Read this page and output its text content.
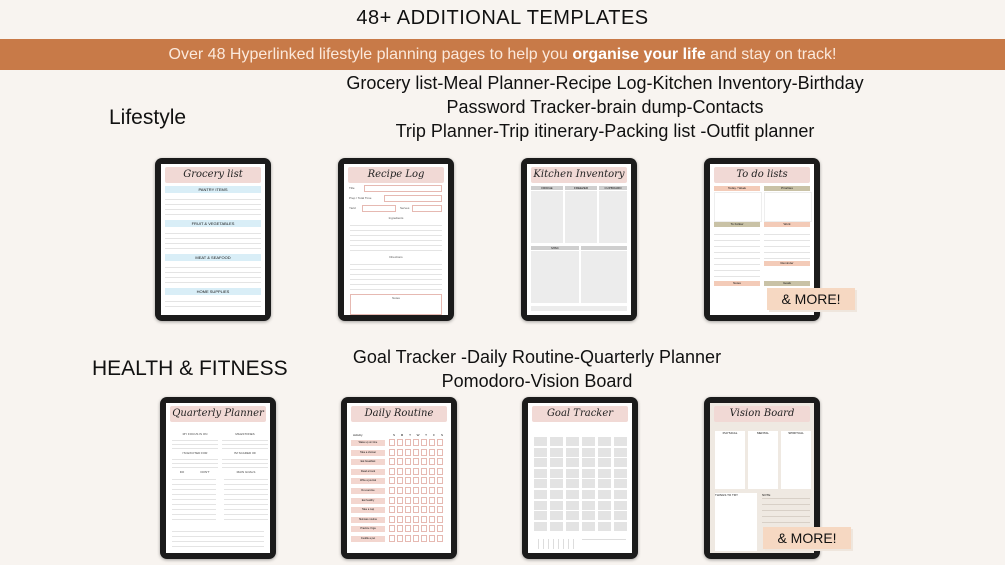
48+ ADDITIONAL TEMPLATES
Over 48 Hyperlinked lifestyle planning pages to help you organise your life and stay on track!
Lifestyle
Grocery list-Meal Planner-Recipe Log-Kitchen Inventory-Birthday
Password Tracker-brain dump-Contacts
Trip Planner-Trip itinerary-Packing list -Outfit planner
Grocery list
PANTRY ITEMS
FRUIT & VEGETABLES
MEAT & SEAFOOD
HOME SUPPLIES
Recipe Log
Title
Prep / Total Time
Yield	Serves
Ingredients
Directions
Notes
Kitchen Inventory
FRIDGE	FREEZER	CUPBOARD
MISC
To do lists
Today / Week	Priorities
To Follow	Work
Reminder
Notes	Goals
& MORE!
HEALTH & FITNESS	Goal Tracker -Daily Routine-Quarterly Planner
Pomodoro-Vision Board
Quarterly Planner
MY FOCUS IS ON	MILESTONES
I'M EXCITED FOR	I'M SCARED OF
DO	DON'T	MAIN GOALS
Daily Routine
Activity
Wake up on time
Take a shower
Eat breakfast
Read a book
Write a journal
Do exercise
Eat healthy
Take a nap
Skincare routine
Practice Yoga
Cuddle a pet
S	M	T	W	T	F	S
Goal Tracker	Vision Board
PHYSICAL	MENTAL	SPIRITUAL
THINGS TO TRY	NOTE
& MORE!
